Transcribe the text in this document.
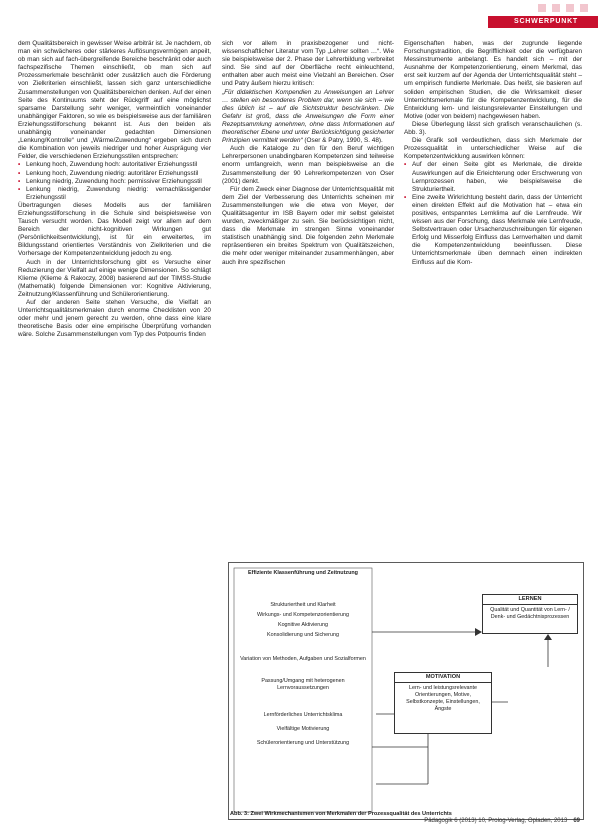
SCHWERPUNKT

dem Qualitätsbereich in gewisser Weise arbiträr ist. Je nachdem, ob man ein schwächeres oder stärkeres Auflösungsvermögen anpeilt, ob man sich auf fach-übergreifende Bereiche beschränkt oder auch fachspezifische Themen einschließt, ob man sich auf Prozessmerkmale beschränkt oder zusätzlich auch die Förderung von Zielkriterien einschließt, lassen sich ganz unterschiedliche Zusammenstellungen von Qualitätsbereichen denken. Auf der einen Seite des Kontinuums steht der Rückgriff auf eine möglichst sparsame Darstellung sehr weniger, vermeintlich voneinander unabhängiger Faktoren, so wie es beispielsweise aus der familiären Erziehungsstilforschung bekannt ist. Aus den beiden als unabhängig voneinander gedachten Dimensionen „Lenkung/Kontrolle“ und „Wärme/Zuwendung“ ergeben sich durch die Kombination von jeweils niedriger und hoher Ausprägung vier Felder, die verschiedenen Erziehungsstilen entsprechen:

• Lenkung hoch, Zuwendung hoch: autoritativer Erziehungsstil
• Lenkung hoch, Zuwendung niedrig: autoritärer Erziehungsstil
• Lenkung niedrig, Zuwendung hoch: permissiver Erziehungsstil
• Lenkung niedrig, Zuwendung niedrig: vernachlässigender Erziehungsstil

Übertragungen dieses Modells aus der familiären Erziehungsstilforschung in die Schule sind beispielsweise von Tausch versucht worden. Das Modell zeigt vor allem auf dem Bereich der nicht-kognitiven Wirkungen gut (Persönlichkeitsentwicklung), ist für ein erweitertes, im Bildungsstand orientiertes Verständnis von Zielkriterien und die Vorhersage der Kompetenzentwicklung jedoch zu eng.

Auch in der Unterrichtsforschung gibt es Versuche einer Reduzierung der Vielfalt auf einige wenige Dimensionen. So schlägt Klieme (Klieme & Rakoczy, 2008) basierend auf der TIMSS-Studie (Mathematik) folgende Dimensionen vor: Kognitive Aktivierung, Zeitnutzung/Klassenführung und Schülerorientierung.

Auf der anderen Seite stehen Versuche, die Vielfalt an Unterrichtsqualitätsmerkmalen durch enorme Checklisten von 20 oder mehr und jenem gerecht zu werden, ohne dass eine klare theoretische Basis oder eine empirische Überprüfung vorhanden wäre. Solche Zusammenstellungen vom Typ des Potpourris finden

sich vor allem in praxisbezogener und nicht-wissenschaftlicher Literatur vom Typ „Lehrer sollten …“. Wie sie beispielsweise der 2. Phase der Lehrerbildung verbreitet sind. Sie sind auf der Oberfläche recht einleuchtend, enthalten aber auch meist eine Vielzahl an Bereichen. Oser und Patry äußern hierzu kritisch:

„Für didaktischen Kompendien zu Anweisungen an Lehrer … stellen ein besonderes Problem dar, wenn sie sich – wie dies üblich ist – auf die Sichtstruktur beschränken. Die Gefahr ist groß, dass die Anweisungen die Form einer Rezeptsammlung annehmen, ohne dass Informationen auf theoretischer Ebene und unter Berücksichtigung gesicherter Prinzipien vermittelt werden“ (Oser & Patry, 1990, S. 48).

Auch die Kataloge zu den für den Beruf wichtigen Lehrerpersonen unabdingbaren Kompetenzen sind teilweise enorm umfangreich, wenn man beispielsweise an die Zusammenstellung der 90 Lehrerkompetenzen von Oser (2001) denkt.

Für dem Zweck einer Diagnose der Unterrichtsqualität mit dem Ziel der Verbesserung des Unterrichts scheinen mir Zusammenstellungen wie die etwa von Meyer, der Qualitätsagentur im ISB Bayern oder mir selbst geleistet wurden, zweckmäßiger zu sein. Sie berücksichtigen nicht, dass die Merkmale im strengen Sinne voneinander statistisch unabhängig sind. Die folgenden zehn Merkmale repräsentieren ein breites Spektrum von Qualitätszeichen, die mehr oder weniger miteinander zusammenhängen, aber auch ihre spezifischen

Eigenschaften haben, was der zugrunde liegende Forschungstradition, die Begrifflichkeit oder die verfügbaren Messinstrumente anbelangt. Es handelt sich – mit der Ausnahme der Kompetenzorientierung, einem Merkmal, das erst seit kurzem auf der Agenda der Unterrichtsqualität steht – um empirisch fundierte Merkmale. Das heißt, sie basieren auf soliden empirischen Studien, die die Wirksamkeit dieser Unterrichtsmerkmale für die Kompetenzentwicklung, für die Entwicklung lern- und leistungsrelevanter Einstellungen und Motive (oder von beidem) nachgewiesen haben.

Diese Überlegung lässt sich grafisch veranschaulichen (s. Abb. 3).

Die Grafik soll verdeutlichen, dass sich Merkmale der Prozessqualität in unterschiedlicher Weise auf die Kompetenzentwicklung auswirken können:

• Auf der einen Seite gibt es Merkmale, die direkte Auswirkungen auf die Erleichterung oder Erschwerung von Lernprozessen haben, wie beispielsweise die Strukturiertheit.
• Eine zweite Wirkrichtung besteht darin, dass der Unterricht einen direkten Effekt auf die Motivation hat – etwa ein positives, entspanntes Lernklima auf die Lernfreude. Wir wissen aus der Forschung, dass Merkmale wie Lernfreude, Selbstvertrauen oder Ursachenzuschreibungen für eigenen Erfolg und Misserfolg Einfluss das Lernverhalten und damit die Kompetenzentwicklung beeinflussen. Diese Unterrichtsmerkmale üben demnach einen indirekten Einfluss auf die Kom-
Effiziente Klassenführung und Zeitnutzung
Strukturiertheit und Klarheit
Wirkungs- und Kompetenzorientierung
Kognitive Aktivierung
Konsolidierung und Sicherung
Variation von Methoden, Aufgaben und Sozialformen
Passung/Umgang mit heterogenen Lernvoraussetzungen
Lernförderliches Unterrichtsklima
Vielfältige Motivierung
Schülerorientierung und Unterstützung
LERNEN
Qualität und Quantität von Lern- / Denk- und Gedächtnisprozessen
MOTIVATION
Lern- und leistungsrelevante Orientierungen, Motive, Selbstkonzepte, Einstellungen, Ängste
Abb. 3: Zwei Wirkmechanismen von Merkmalen der Prozessqualität des Unterrichts
Pädagogik 6 (2013) 10, Prolog-Verlag, Opladen, 2013 69
